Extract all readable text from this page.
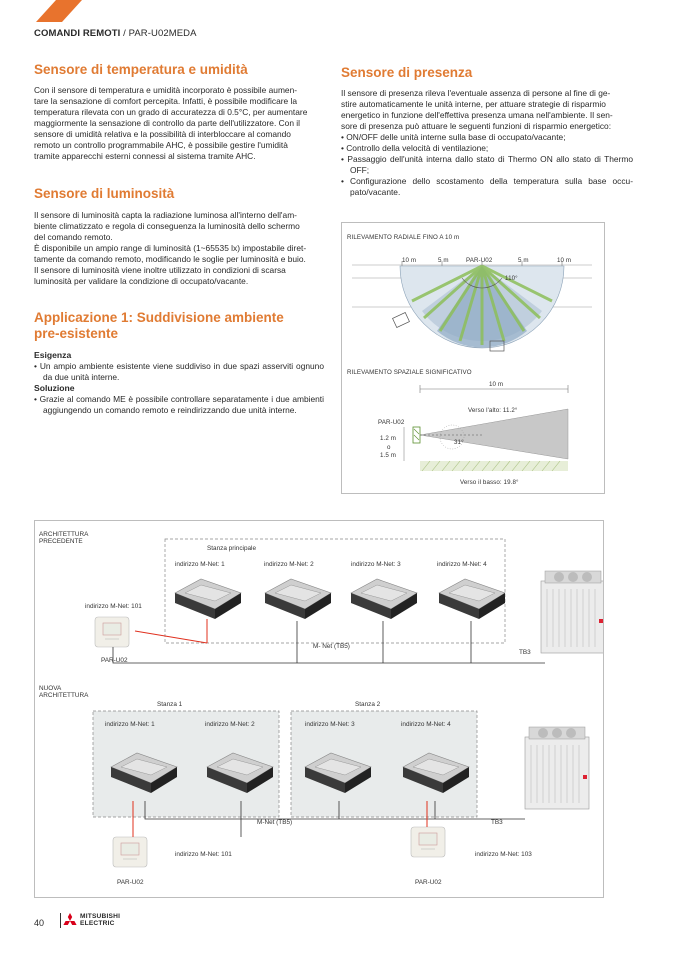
COMANDI REMOTI / PAR-U02MEDA
Sensore di temperatura e umidità

Con il sensore di temperatura e umidità incorporato è possibile aumen-

tare la sensazione di comfort percepita. Infatti, è possibile modificare la

temperatura rilevata con un grado di accuratezza di 0.5°C, per aumentare

maggiormente la sensazione di controllo da parte dell'utilizzatore. Con il

sensore di umidità relativa e la possibilità di interbloccare al comando

remoto un controllo programmabile AHC, è possibile gestire l'umidità

tramite apparecchi esterni connessi al sistema tramite AHC.

Sensore di luminosità

Il sensore di luminosità capta la radiazione luminosa all'interno dell'am-

biente climatizzato e regola di conseguenza la luminosità dello schermo

del comando remoto.

È disponibile un ampio range di luminosità (1~65535 lx) impostabile diret-

tamente da comando remoto, modificando le soglie per luminosità e buio.

Il sensore di luminosità viene inoltre utilizzato in condizioni di scarsa

luminosità per validare la condizione di occupato/vacante.

Applicazione 1: Suddivisione ambiente
pre-esistente

Esigenza

• Un ampio ambiente esistente viene suddiviso in due spazi asserviti ognuno da due unità interne.

Soluzione

• Grazie al comando ME è possibile controllare separatamente i due ambienti aggiungendo un comando remoto e reindirizzando due unità interne.

Sensore di presenza

Il sensore di presenza rileva l'eventuale assenza di persone al fine di ge-

stire automaticamente le unità interne, per attuare strategie di risparmio

energetico in funzione dell'effettiva presenza umana nell'ambiente. Il sen-

sore di presenza può attuare le seguenti funzioni di risparmio energetico:

• ON/OFF delle unità interne sulla base di occupato/vacante;

• Controllo della velocità di ventilazione;

• Passaggio dell'unità interna dallo stato di Thermo ON allo stato di Thermo OFF;

• Configurazione dello scostamento della temperatura sulla base occu-pato/vacante.

RILEVAMENTO RADIALE FINO A 10 m
10 m	5 m	PAR-U02	5 m	10 m
110°
RILEVAMENTO SPAZIALE SIGNIFICATIVO
10 m
PAR-U02
Verso l'alto: 11.2°
31°
1.2 m
o
1.5 m
Verso il basso: 19.8°
ARCHITETTURA
PRECEDENTE
Stanza principale
indirizzo M-Net: 1	indirizzo M-Net: 2	indirizzo M-Net: 3	indirizzo M-Net: 4
indirizzo M-Net: 101
PAR-U02
M- Net (TB5)
TB3
NUOVA
ARCHITETTURA
Stanza 1	Stanza 2
indirizzo M-Net: 1	indirizzo M-Net: 2	indirizzo M-Net: 3	indirizzo M-Net: 4
M-Net (TB5)	TB3
indirizzo M-Net: 101	indirizzo M-Net: 103
PAR-U02	PAR-U02
40
MITSUBISHI
ELECTRIC
